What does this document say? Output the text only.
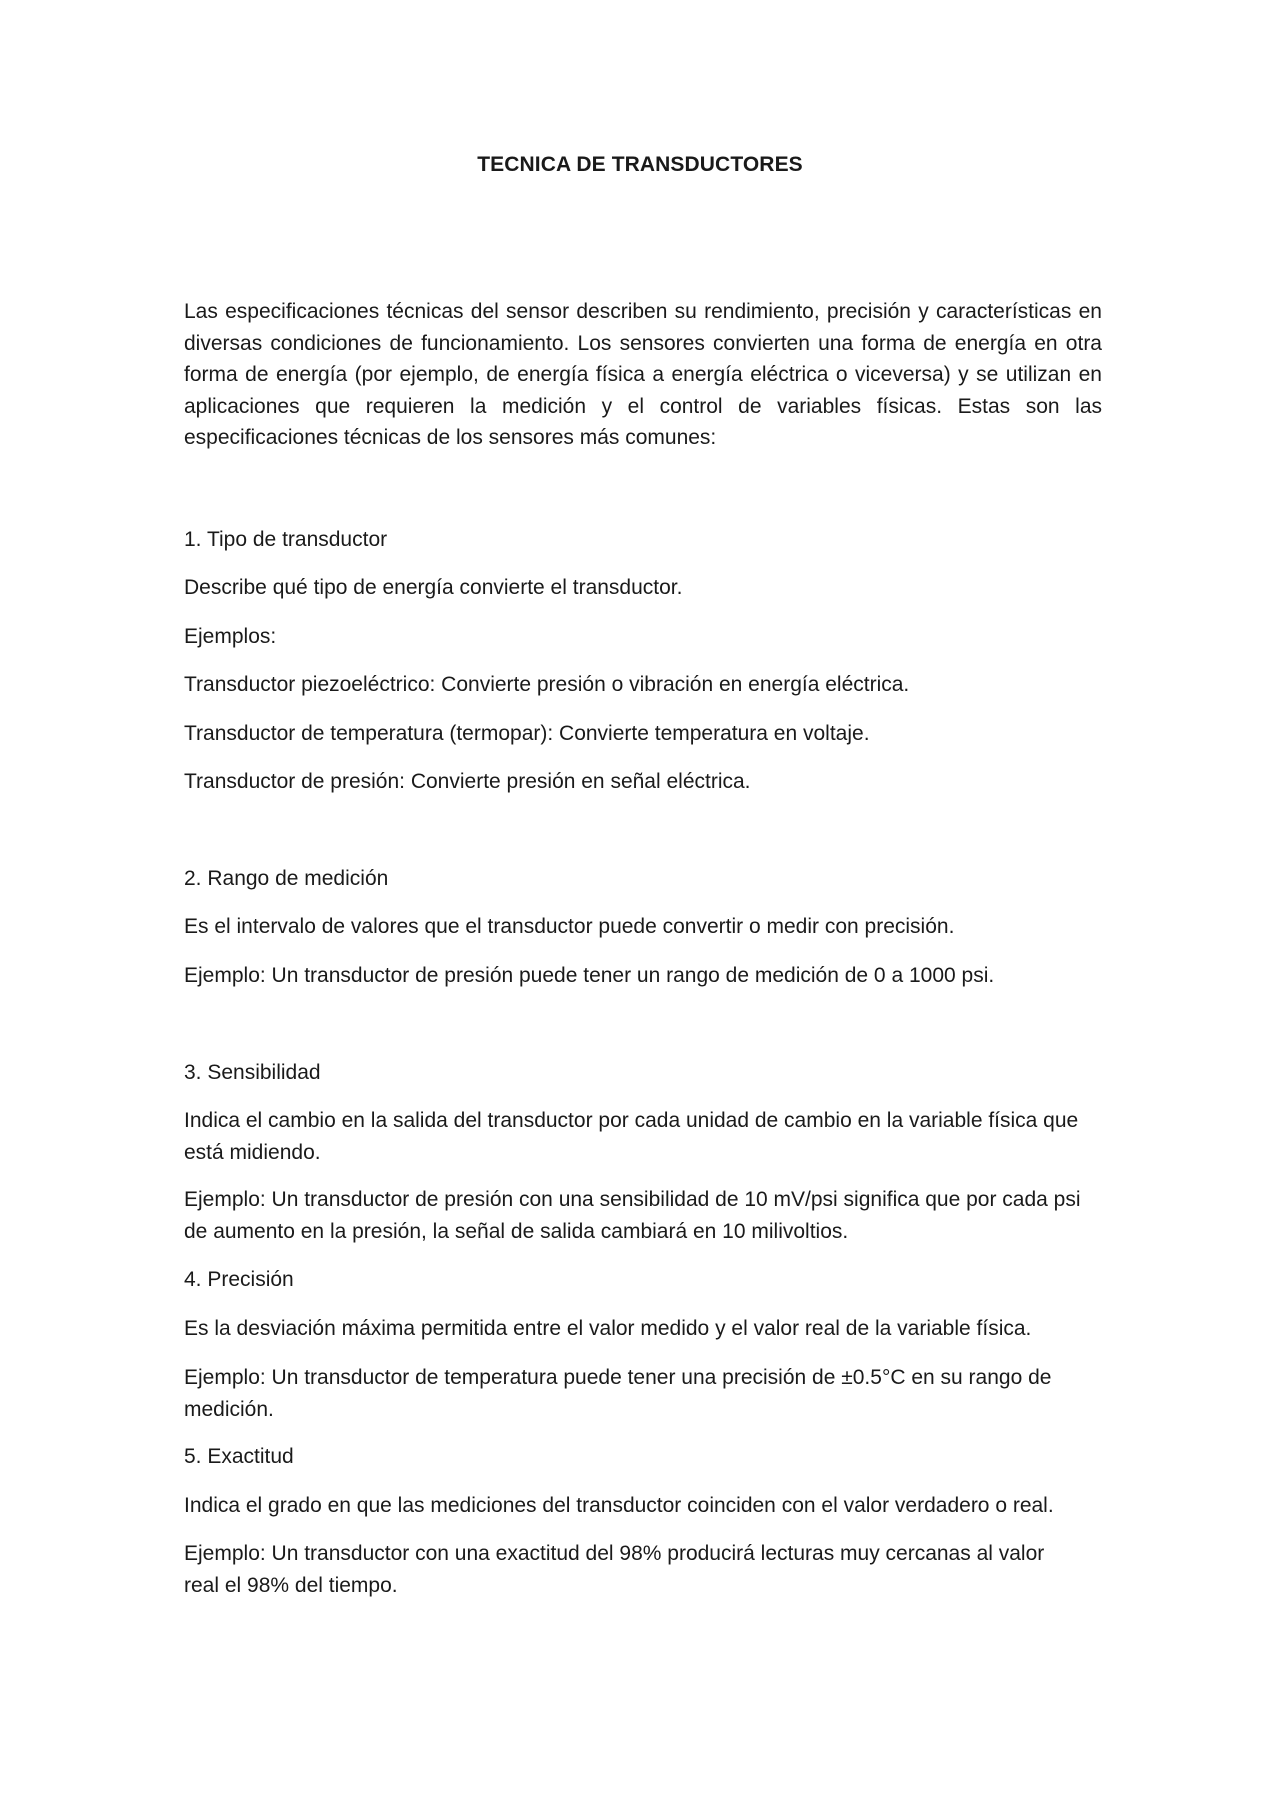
TECNICA DE TRANSDUCTORES

Las especificaciones técnicas del sensor describen su rendimiento, precisión y características en diversas condiciones de funcionamiento. Los sensores convierten una forma de energía en otra forma de energía (por ejemplo, de energía física a energía eléctrica o viceversa) y se utilizan en aplicaciones que requieren la medición y el control de variables físicas. Estas son las especificaciones técnicas de los sensores más comunes:

1. Tipo de transductor

Describe qué tipo de energía convierte el transductor.

Ejemplos:

Transductor piezoeléctrico: Convierte presión o vibración en energía eléctrica.

Transductor de temperatura (termopar): Convierte temperatura en voltaje.

Transductor de presión: Convierte presión en señal eléctrica.

2. Rango de medición

Es el intervalo de valores que el transductor puede convertir o medir con precisión.

Ejemplo: Un transductor de presión puede tener un rango de medición de 0 a 1000 psi.

3. Sensibilidad

Indica el cambio en la salida del transductor por cada unidad de cambio en la variable física que está midiendo.

Ejemplo: Un transductor de presión con una sensibilidad de 10 mV/psi significa que por cada psi de aumento en la presión, la señal de salida cambiará en 10 milivoltios.

4. Precisión

Es la desviación máxima permitida entre el valor medido y el valor real de la variable física.

Ejemplo: Un transductor de temperatura puede tener una precisión de ±0.5°C en su rango de medición.

5. Exactitud

Indica el grado en que las mediciones del transductor coinciden con el valor verdadero o real.

Ejemplo: Un transductor con una exactitud del 98% producirá lecturas muy cercanas al valor real el 98% del tiempo.
